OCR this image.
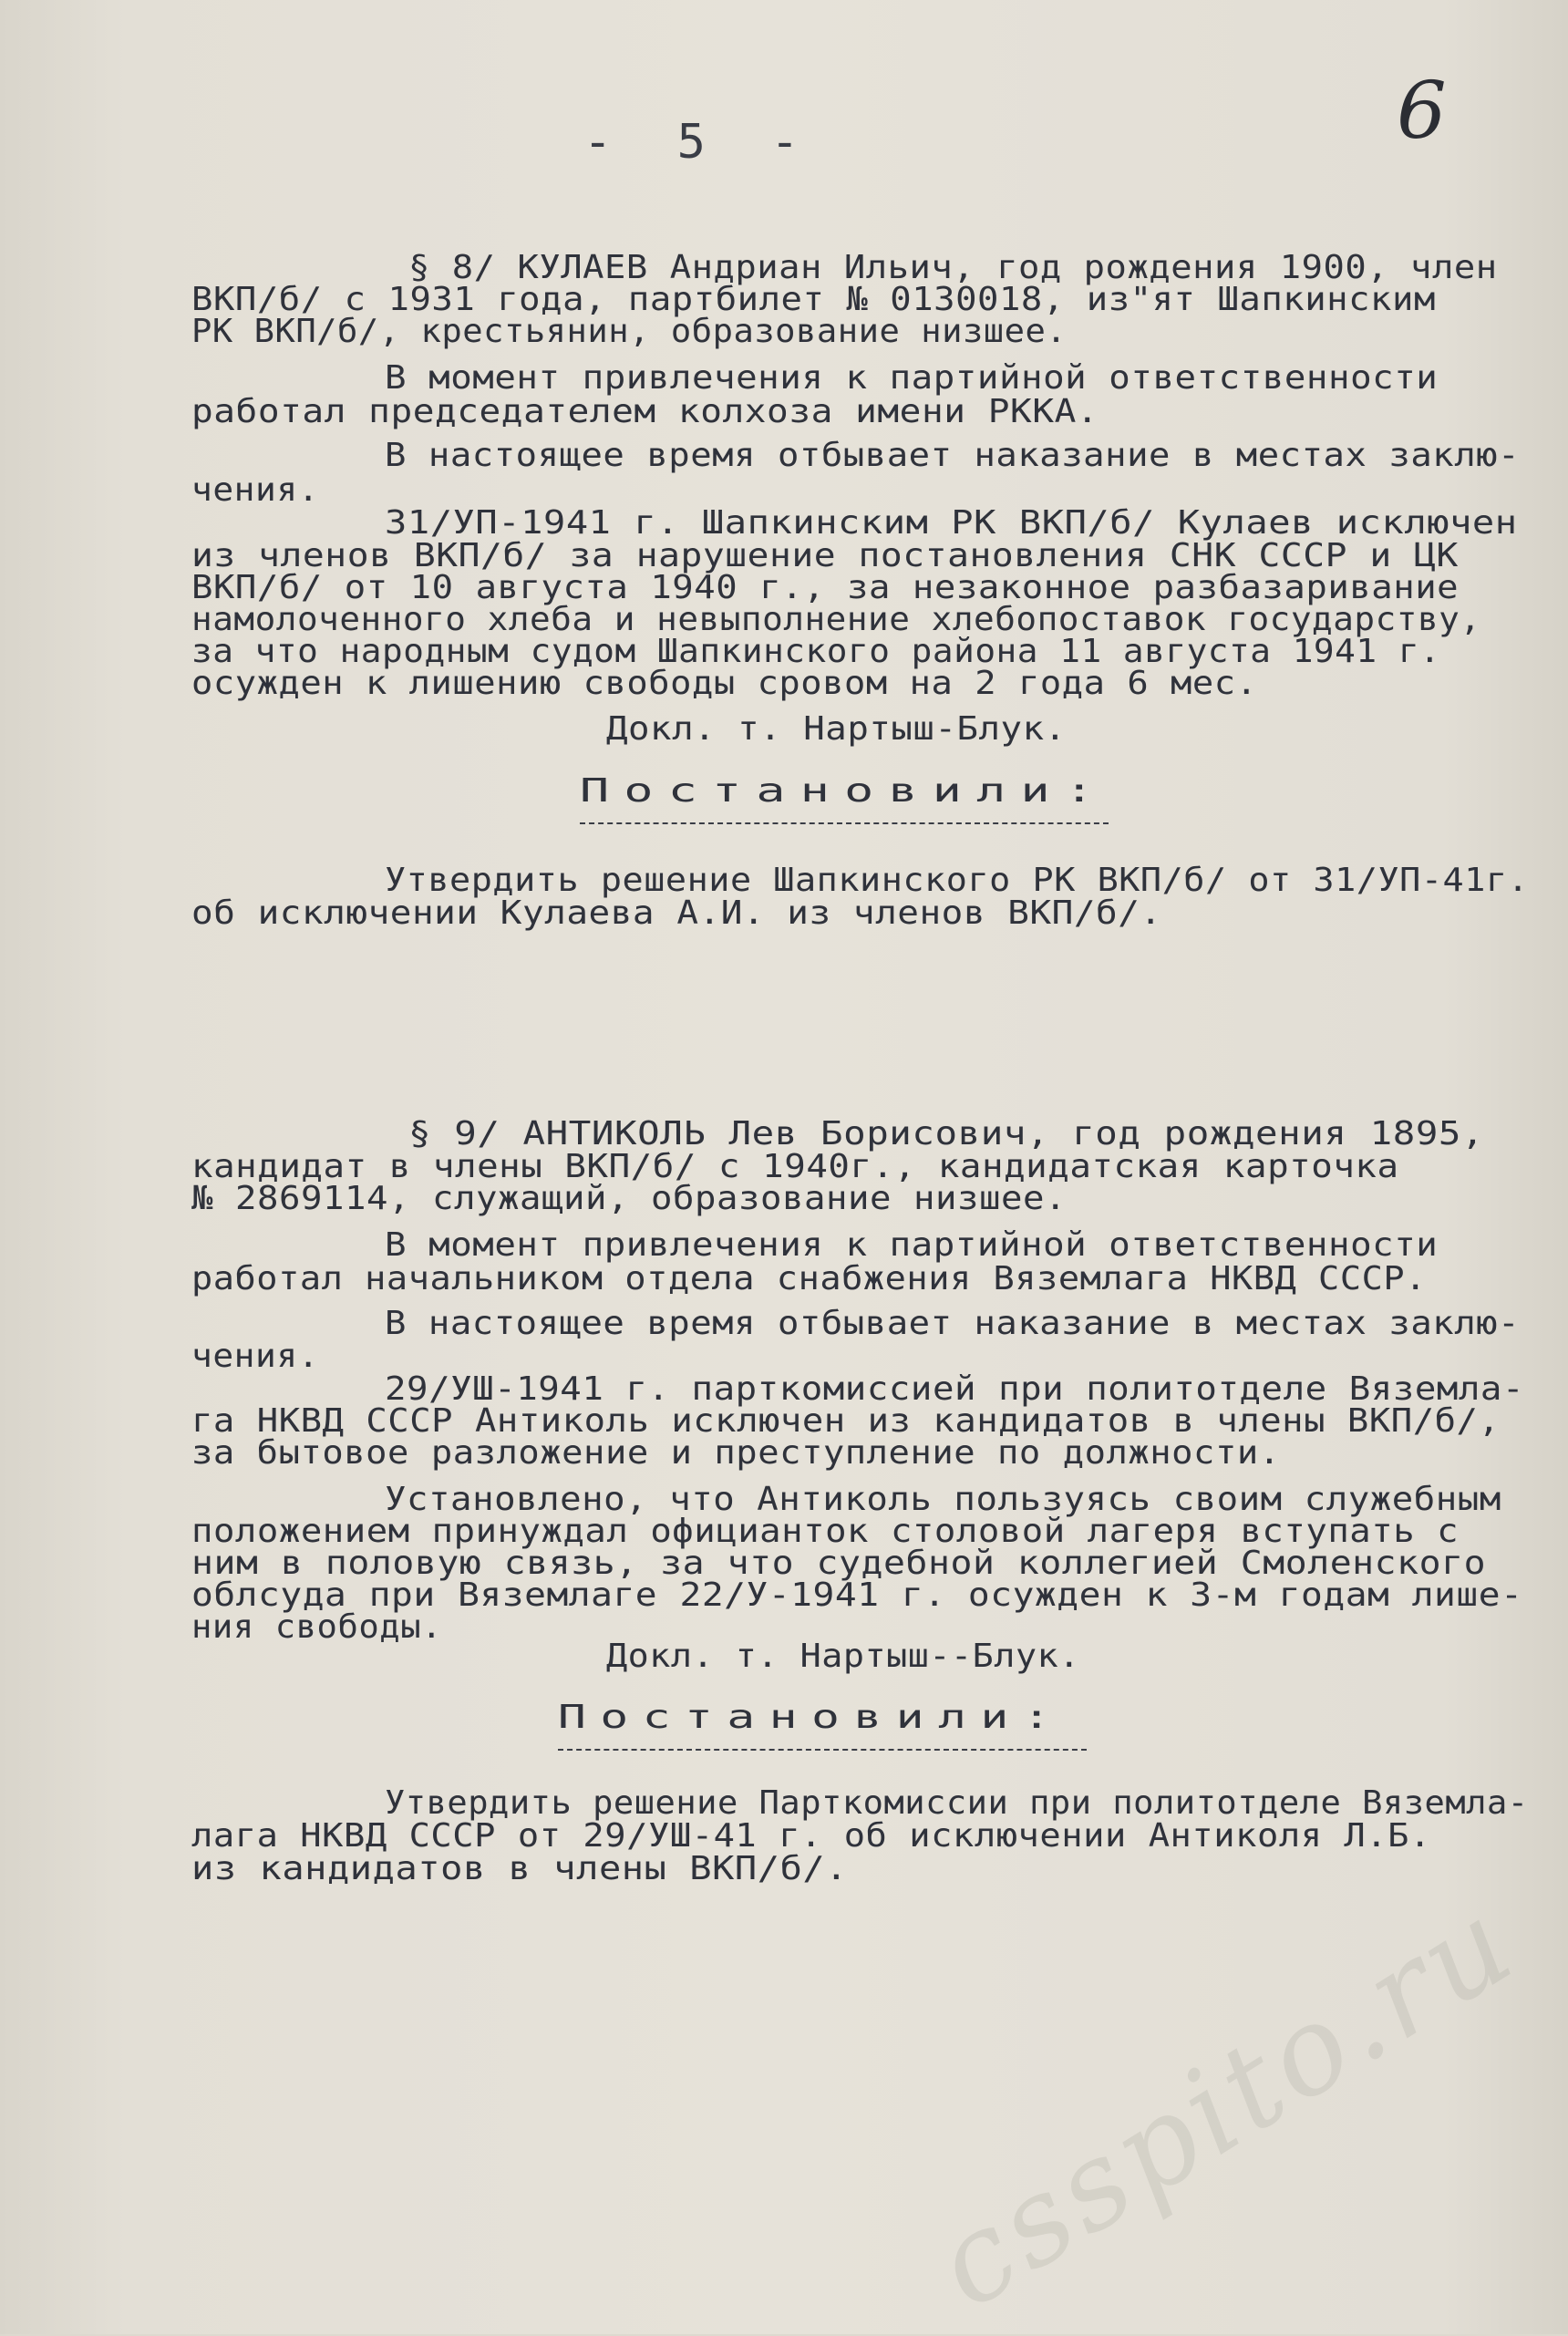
6
- 5 -
§ 8/ КУЛАЕВ Андриан Ильич, год рождения 1900, член
ВКП/б/ с 1931 года, партбилет № 0130018, из"ят Шапкинским
РК ВКП/б/, крестьянин, образование низшее.
В момент привлечения к партийной ответственности
работал председателем колхоза имени РККА.
В настоящее время отбывает наказание в местах заклю-
чения.
31/УП-1941 г. Шапкинским РК ВКП/б/ Кулаев исключен
из членов ВКП/б/ за нарушение постановления СНК СССР и ЦК
ВКП/б/ от 10 августа 1940 г., за незаконное разбазаривание
намолоченного хлеба и невыполнение хлебопоставок государству,
за что народным судом Шапкинского района 11 августа 1941 г.
осужден к лишению свободы сровом на 2 года 6 мес.
Докл. т. Нартыш-Блук.
Постановили:
Утвердить решение Шапкинского РК ВКП/б/ от 31/УП-41г.
об исключении Кулаева А.И. из членов ВКП/б/.
§ 9/ АНТИКОЛЬ Лев Борисович, год рождения 1895,
кандидат в члены ВКП/б/ с 1940г., кандидатская карточка
№ 2869114, служащий, образование низшее.
В момент привлечения к партийной ответственности
работал начальником отдела снабжения Вяземлага НКВД СССР.
В настоящее время отбывает наказание в местах заклю-
чения.
29/УШ-1941 г. парткомиссией при политотделе Вяземла-
га НКВД СССР Антиколь исключен из кандидатов в члены ВКП/б/,
за бытовое разложение и преступление по должности.
Установлено, что Антиколь пользуясь своим служебным
положением принуждал официанток столовой лагеря вступать с
ним в половую связь, за что судебной коллегией Смоленского
облсуда при Вяземлаге 22/У-1941 г. осужден к 3-м годам лише-
ния свободы.
Докл. т. Нартыш--Блук.
Постановили:
Утвердить решение Парткомиссии при политотделе Вяземла-
лага НКВД СССР от 29/УШ-41 г. об исключении Антиколя Л.Б.
из кандидатов в члены ВКП/б/.
csspito.ru
